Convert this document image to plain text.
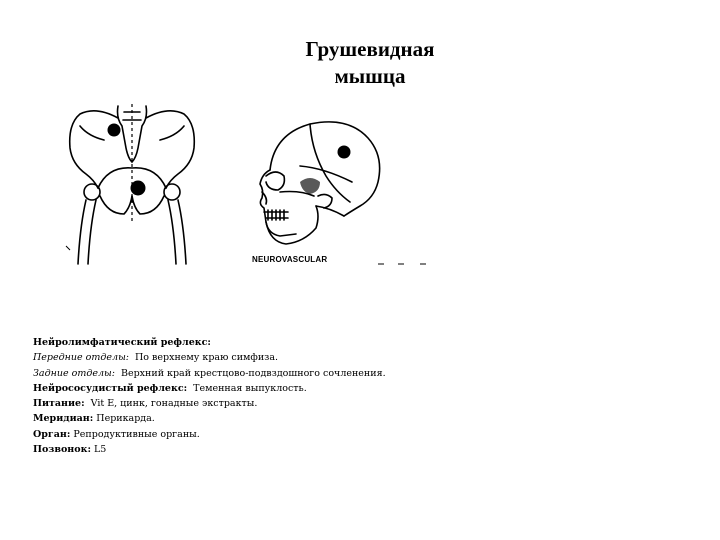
Грушевидная
мышца
NEUROVASCULAR
Нейролимфатический рефлекс:
Передние отделы: По верхнему краю симфиза.
Задние отделы: Верхний край крестцово-подвздошного сочленения.
Нейрососудистый рефлекс: Теменная выпуклость.
Питание: Vit E, цинк, гонадные экстракты.
Меридиан: Перикарда.
Орган: Репродуктивные органы.
Позвонок: L5
